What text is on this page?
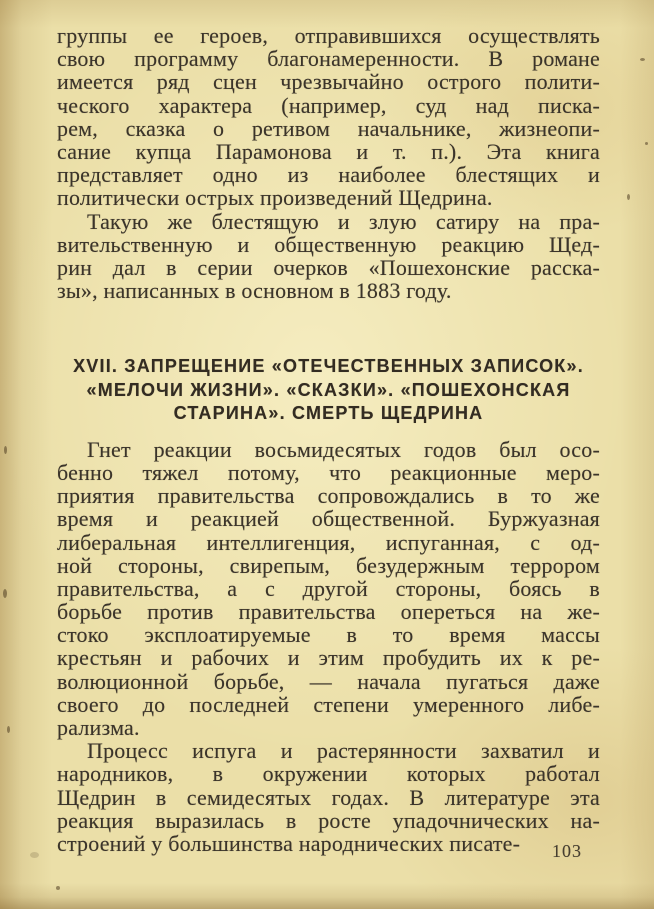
группы ее героев, отправившихся осуществлять
свою программу благонамеренности. В романе
имеется ряд сцен чрезвычайно острого полити-
ческого характера (например, суд над писка-
рем, сказка о ретивом начальнике, жизнеопи-
сание купца Парамонова и т. п.). Эта книга
представляет одно из наиболее блестящих и
политически острых произведений Щедрина.
Такую же блестящую и злую сатиру на пра-
вительственную и общественную реакцию Щед-
рин дал в серии очерков «Пошехонские расска-
зы», написанных в основном в 1883 году.
XVII. ЗАПРЕЩЕНИЕ «ОТЕЧЕСТВЕННЫХ ЗАПИСОК».
«МЕЛОЧИ ЖИЗНИ». «СКАЗКИ». «ПОШЕХОНСКАЯ
СТАРИНА». СМЕРТЬ ЩЕДРИНА
Гнет реакции восьмидесятых годов был осо-
бенно тяжел потому, что реакционные меро-
приятия правительства сопровождались в то же
время и реакцией общественной. Буржуазная
либеральная интеллигенция, испуганная, с од-
ной стороны, свирепым, безудержным террором
правительства, а с другой стороны, боясь в
борьбе против правительства опереться на же-
стоко эксплоатируемые в то время массы
крестьян и рабочих и этим пробудить их к ре-
волюционной борьбе, — начала пугаться даже
своего до последней степени умеренного либе-
рализма.
Процесс испуга и растерянности захватил и
народников, в окружении которых работал
Щедрин в семидесятых годах. В литературе эта
реакция выразилась в росте упадочнических на-
строений у большинства народнических писате-	103
